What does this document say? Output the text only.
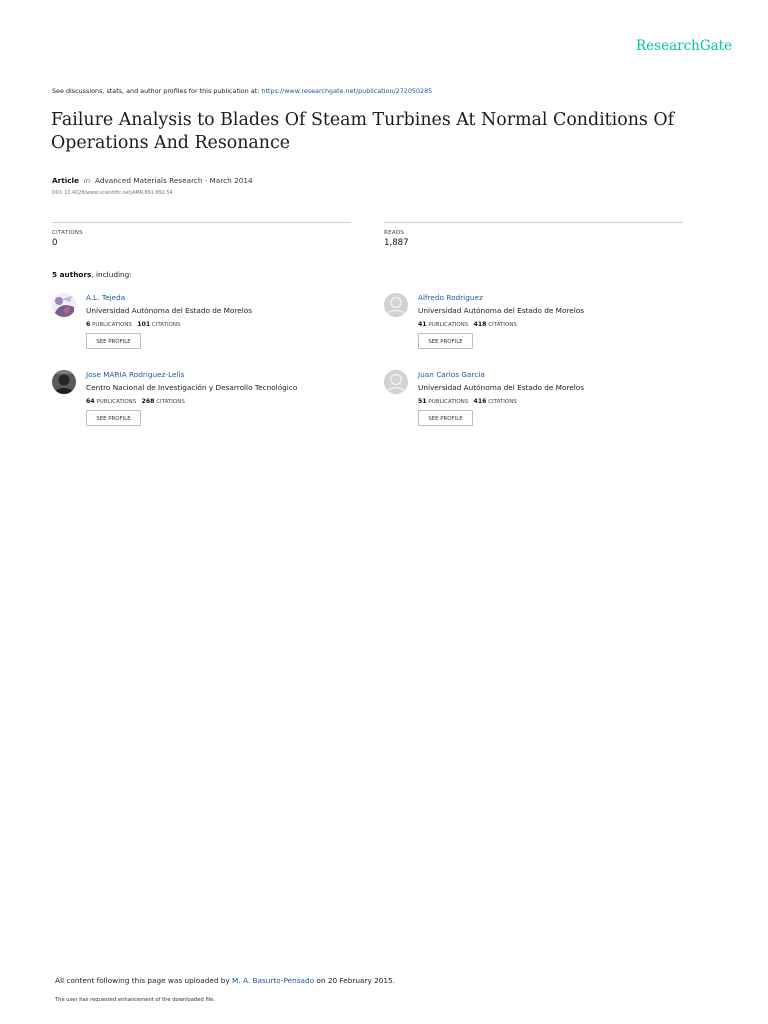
ResearchGate
See discussions, stats, and author profiles for this publication at: https://www.researchgate.net/publication/272050285
Failure Analysis to Blades Of Steam Turbines At Normal Conditions Of Operations And Resonance
Article in Advanced Materials Research · March 2014
DOI: 10.4028/www.scientific.net/AMR.891-892.54
CITATIONS
0
READS
1,887
5 authors, including:
A.L. Tejeda
Universidad Autónoma del Estado de Morelos
6 PUBLICATIONS 101 CITATIONS
SEE PROFILE
Alfredo Rodriguez
Universidad Autónoma del Estado de Morelos
41 PUBLICATIONS 418 CITATIONS
SEE PROFILE
Jose MARIA Rodriguez-Lelis
Centro Nacional de Investigación y Desarrollo Tecnológico
64 PUBLICATIONS 268 CITATIONS
SEE PROFILE
Juan Carlos Garcia
Universidad Autónoma del Estado de Morelos
51 PUBLICATIONS 416 CITATIONS
SEE PROFILE
All content following this page was uploaded by M. A. Basurto-Pensado on 20 February 2015.
The user has requested enhancement of the downloaded file.
